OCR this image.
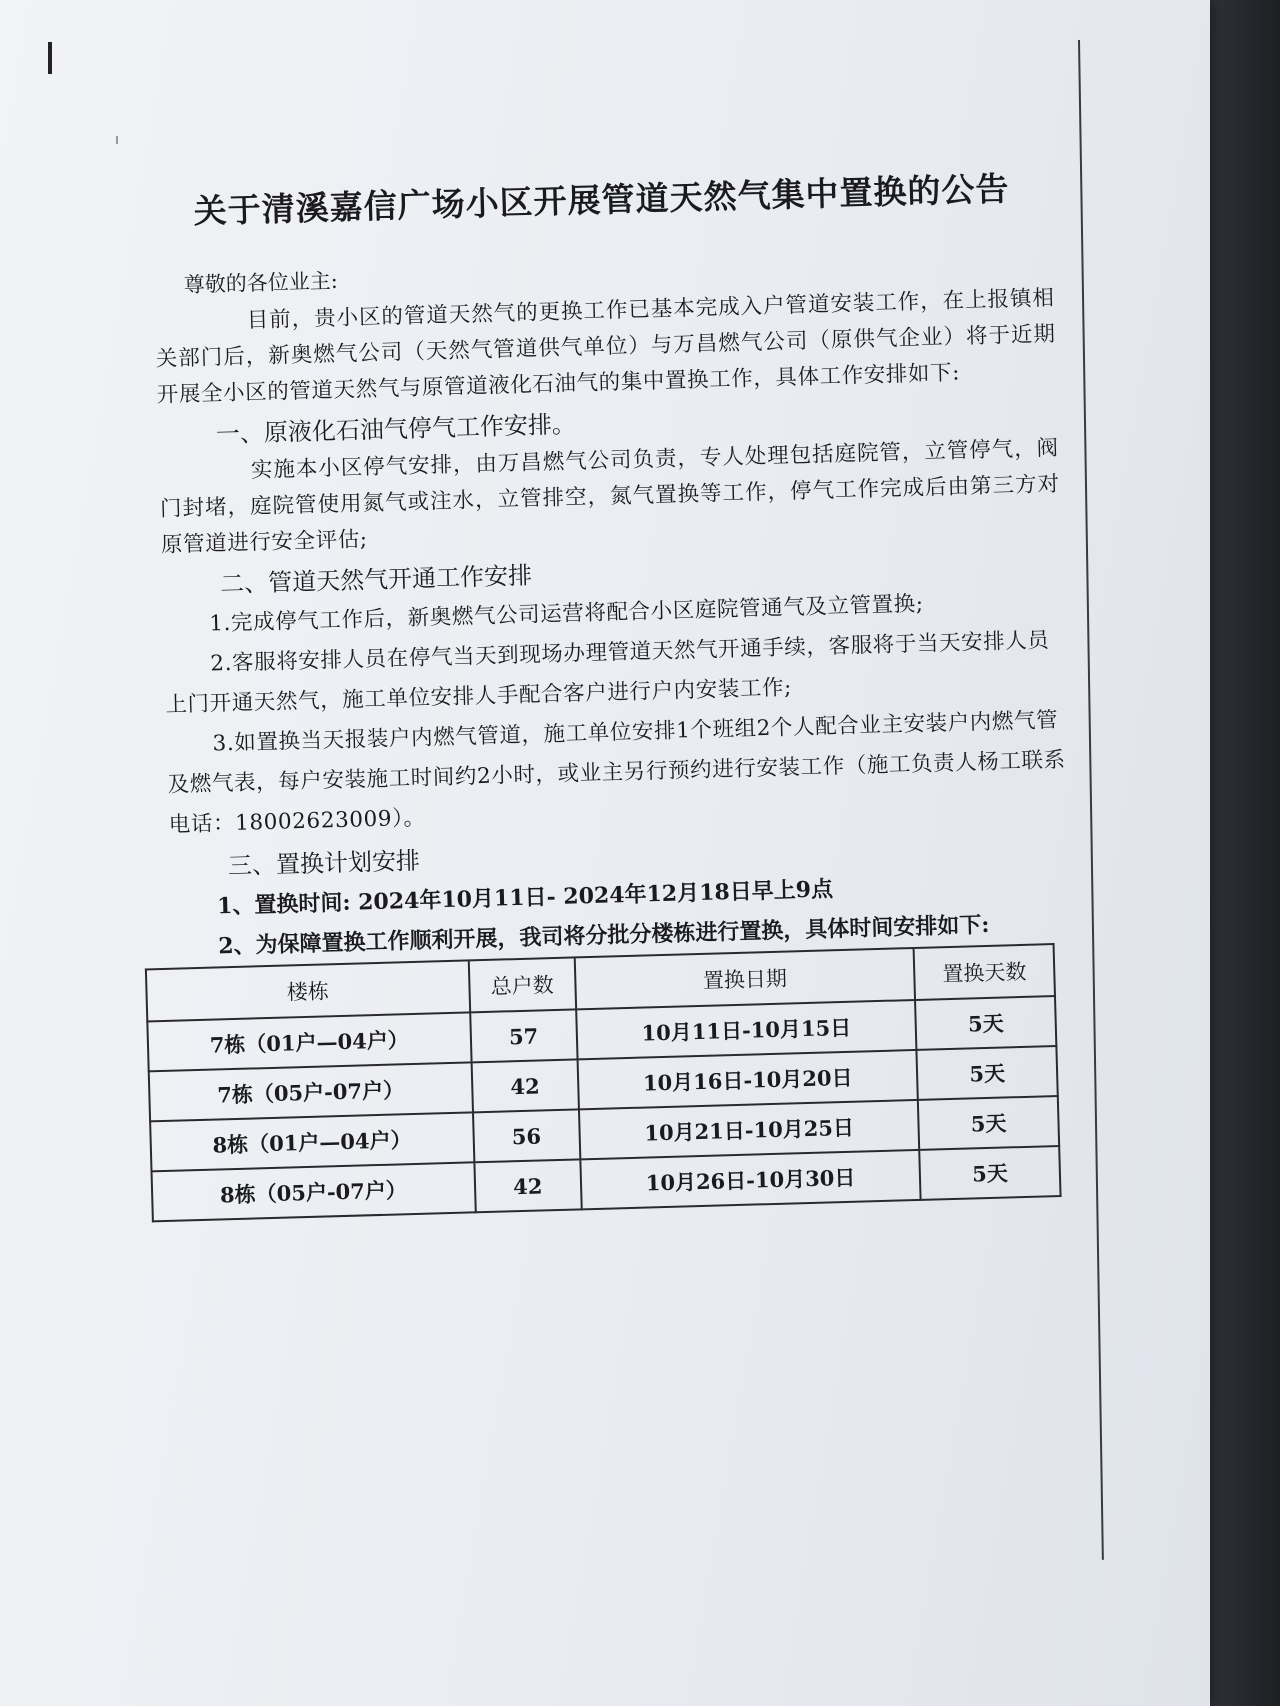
关于清溪嘉信广场小区开展管道天然气集中置换的公告
尊敬的各位业主:

目前，贵小区的管道天然气的更换工作已基本完成入户管道安装工作，在上报镇相关部门后，新奥燃气公司（天然气管道供气单位）与万昌燃气公司（原供气企业）将于近期开展全小区的管道天然气与原管道液化石油气的集中置换工作，具体工作安排如下:

一、原液化石油气停气工作安排。

实施本小区停气安排，由万昌燃气公司负责，专人处理包括庭院管，立管停气，阀门封堵，庭院管使用氮气或注水，立管排空，氮气置换等工作，停气工作完成后由第三方对原管道进行安全评估;

二、管道天然气开通工作安排

1.完成停气工作后，新奥燃气公司运营将配合小区庭院管通气及立管置换;

2.客服将安排人员在停气当天到现场办理管道天然气开通手续，客服将于当天安排人员上门开通天然气，施工单位安排人手配合客户进行户内安装工作;

3.如置换当天报装户内燃气管道，施工单位安排1个班组2个人配合业主安装户内燃气管及燃气表，每户安装施工时间约2小时，或业主另行预约进行安装工作（施工负责人杨工联系电话：18002623009）。

三、置换计划安排

1、置换时间: 2024年10月11日- 2024年12月18日早上9点

2、为保障置换工作顺利开展，我司将分批分楼栋进行置换，具体时间安排如下:

楼栋	总户数	置换日期	置换天数
7栋（01户—04户）	57	10月11日-10月15日	5天
7栋（05户-07户）	42	10月16日-10月20日	5天
8栋（01户—04户）	56	10月21日-10月25日	5天
8栋（05户-07户）	42	10月26日-10月30日	5天
